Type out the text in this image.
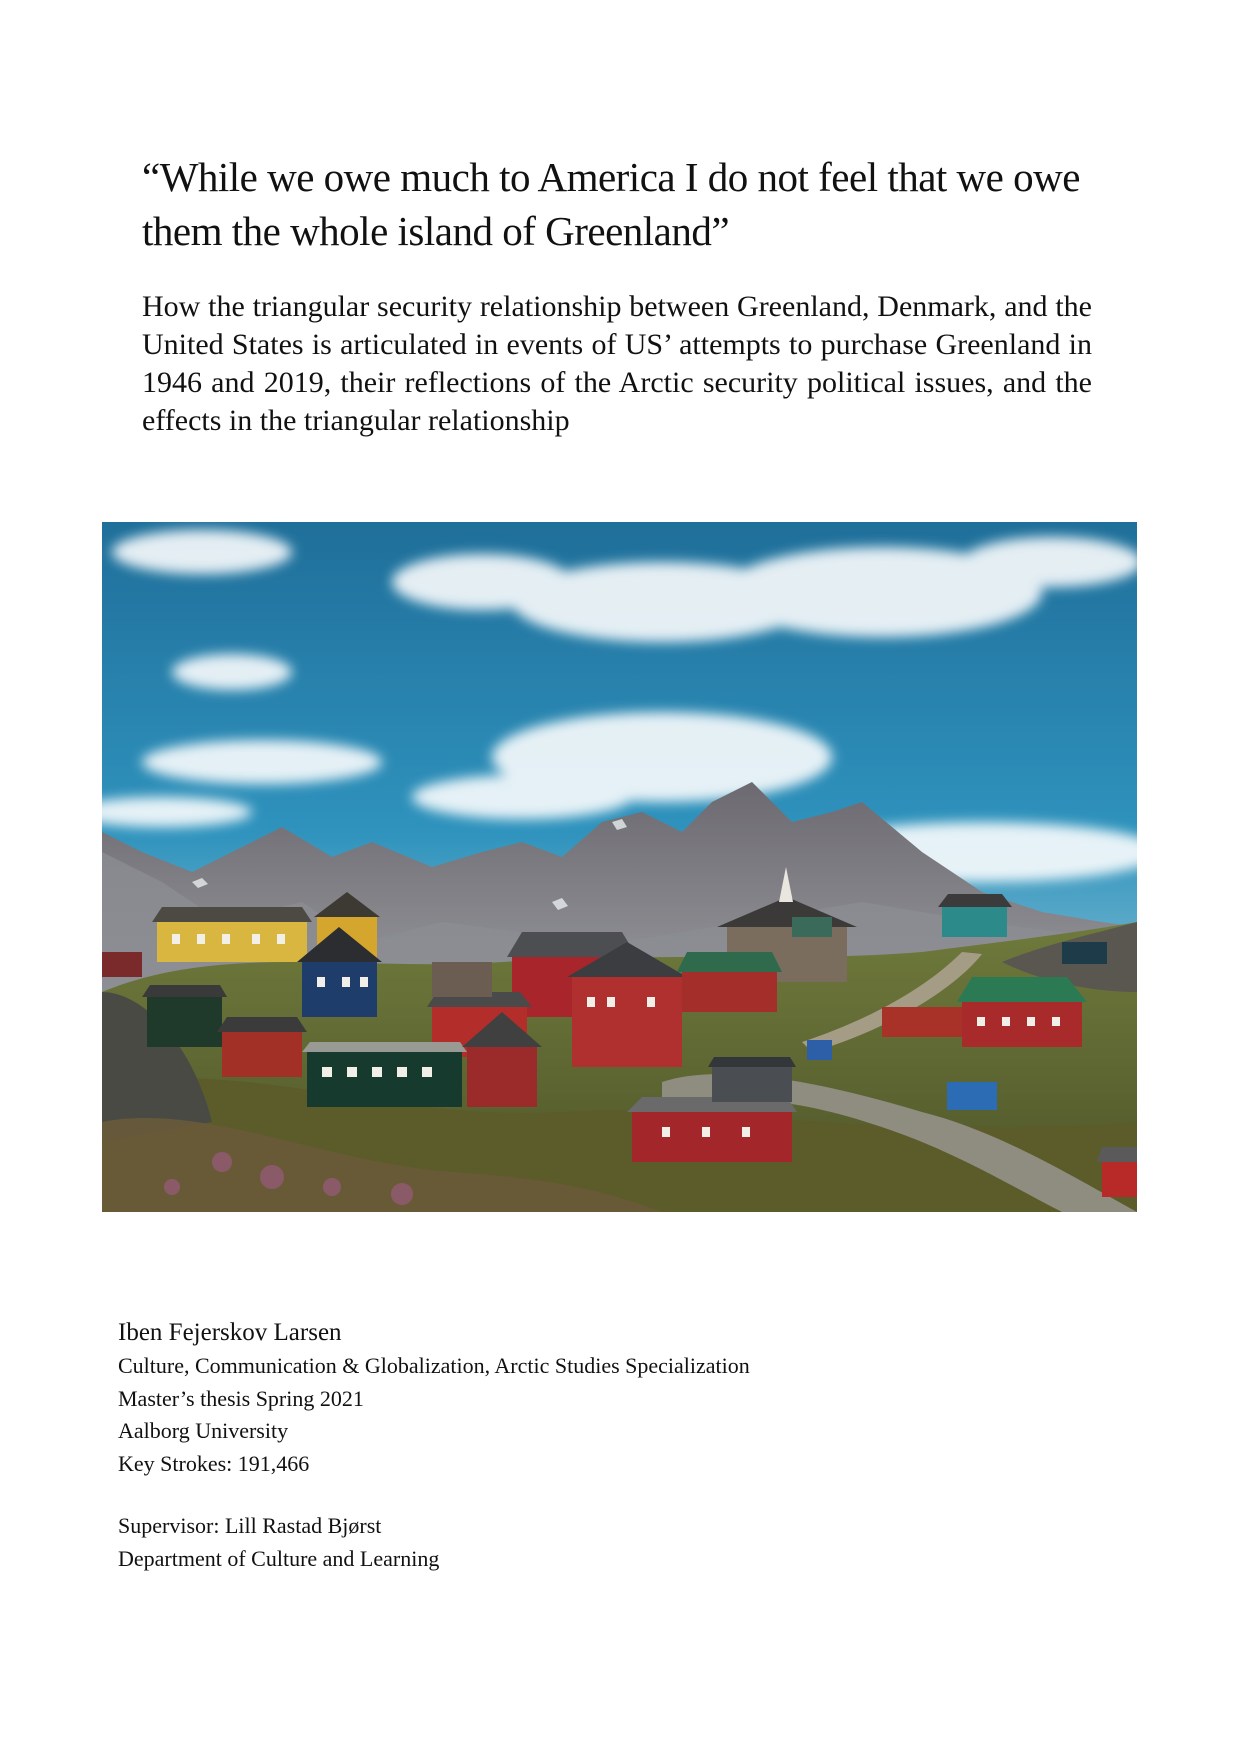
“While we owe much to America I do not feel that we owe them the whole island of Greenland”

How the triangular security relationship between Greenland, Denmark, and the United States is articulated in events of US’ attempts to purchase Greenland in 1946 and 2019, their reflections of the Arctic security political issues, and the effects in the triangular relationship

Iben Fejerskov Larsen
Culture, Communication & Globalization, Arctic Studies Specialization
Master’s thesis Spring 2021
Aalborg University
Key Strokes: 191,466
Supervisor: Lill Rastad Bjørst
Department of Culture and Learning
